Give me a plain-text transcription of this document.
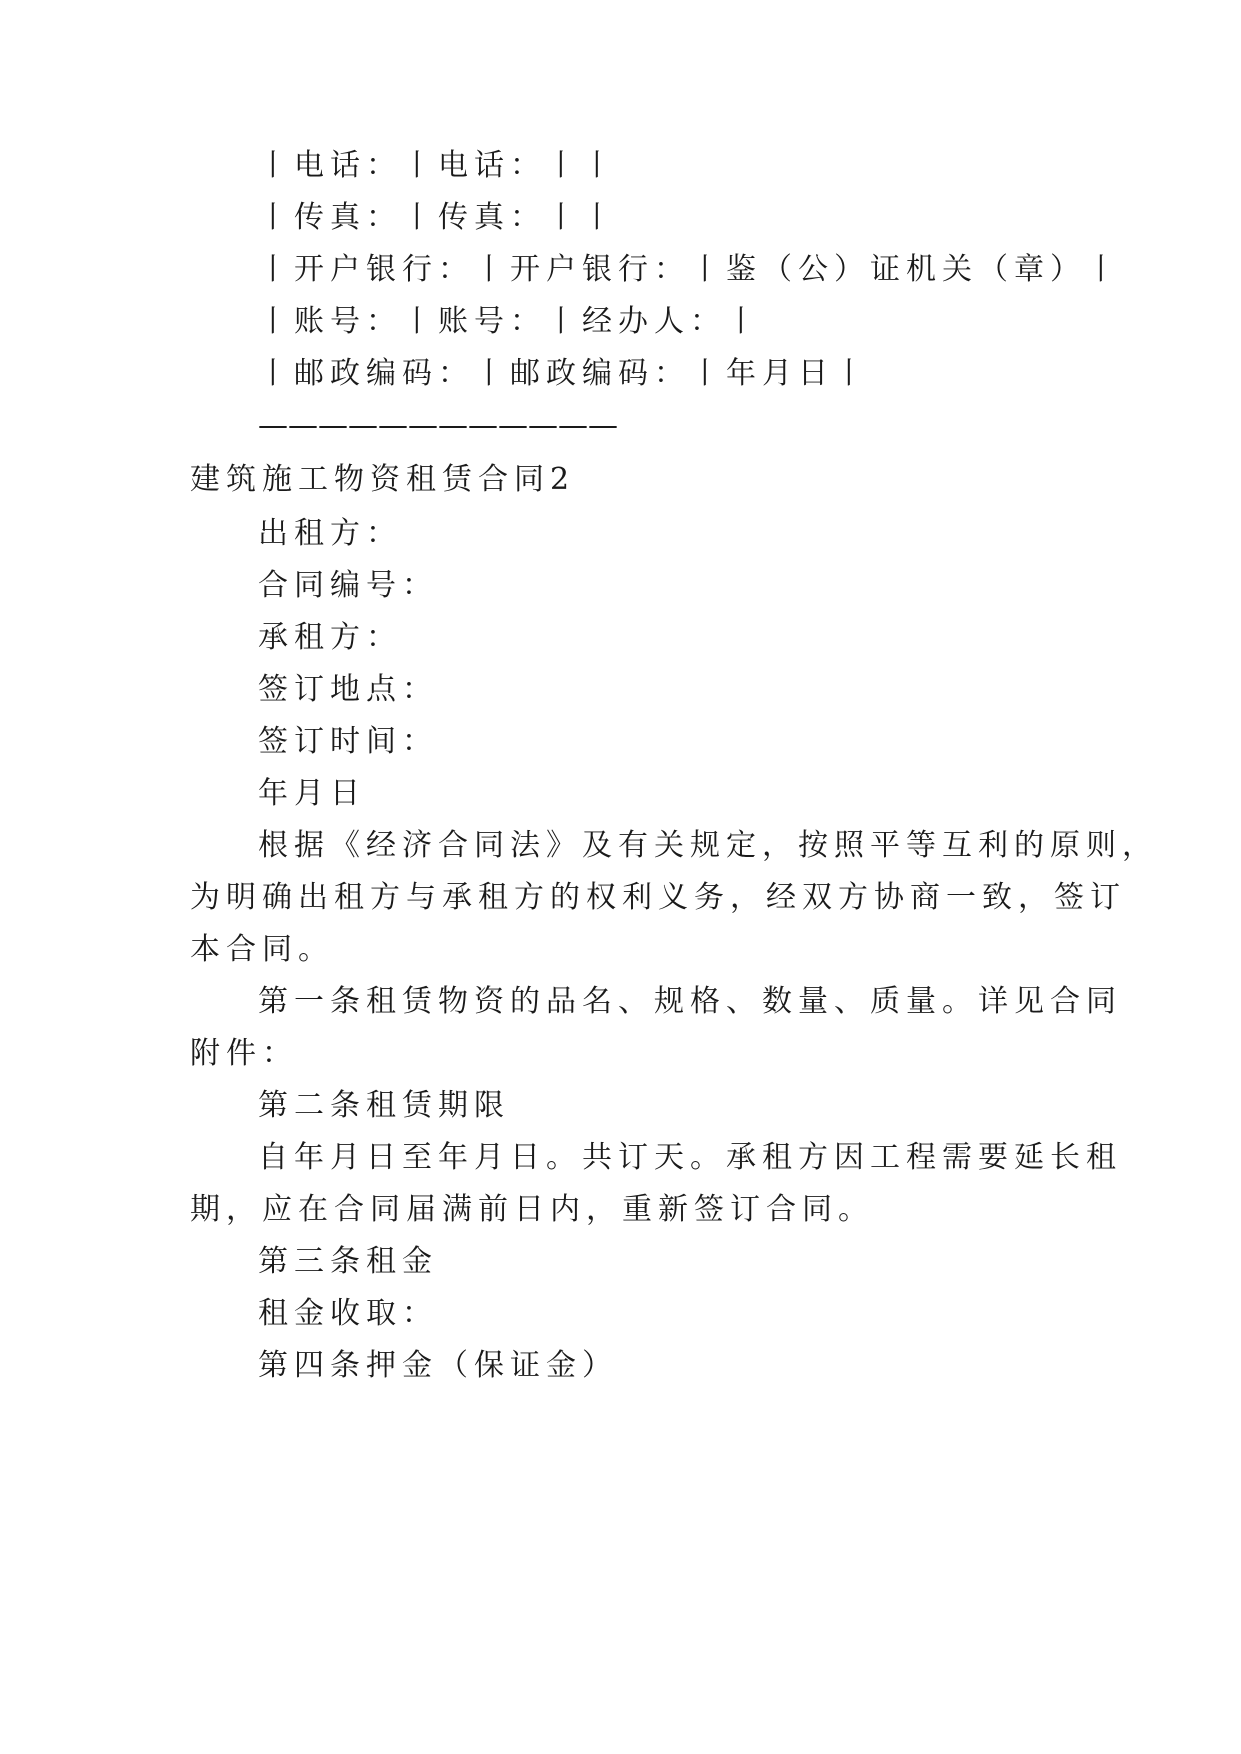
丨电话：丨电话：丨丨
丨传真：丨传真：丨丨
丨开户银行：丨开户银行：丨鉴（公）证机关（章）丨
丨账号：丨账号：丨经办人：丨
丨邮政编码：丨邮政编码：丨年月日丨
————————————
建筑施工物资租赁合同2
出租方：
合同编号：
承租方：
签订地点：
签订时间：
年月日
根据《经济合同法》及有关规定，按照平等互利的原则，
为明确出租方与承租方的权利义务，经双方协商一致，签订
本合同。
第一条租赁物资的品名、规格、数量、质量。详见合同
附件：
第二条租赁期限
自年月日至年月日。共订天。承租方因工程需要延长租
期，应在合同届满前日内，重新签订合同。
第三条租金
租金收取：
第四条押金（保证金）
